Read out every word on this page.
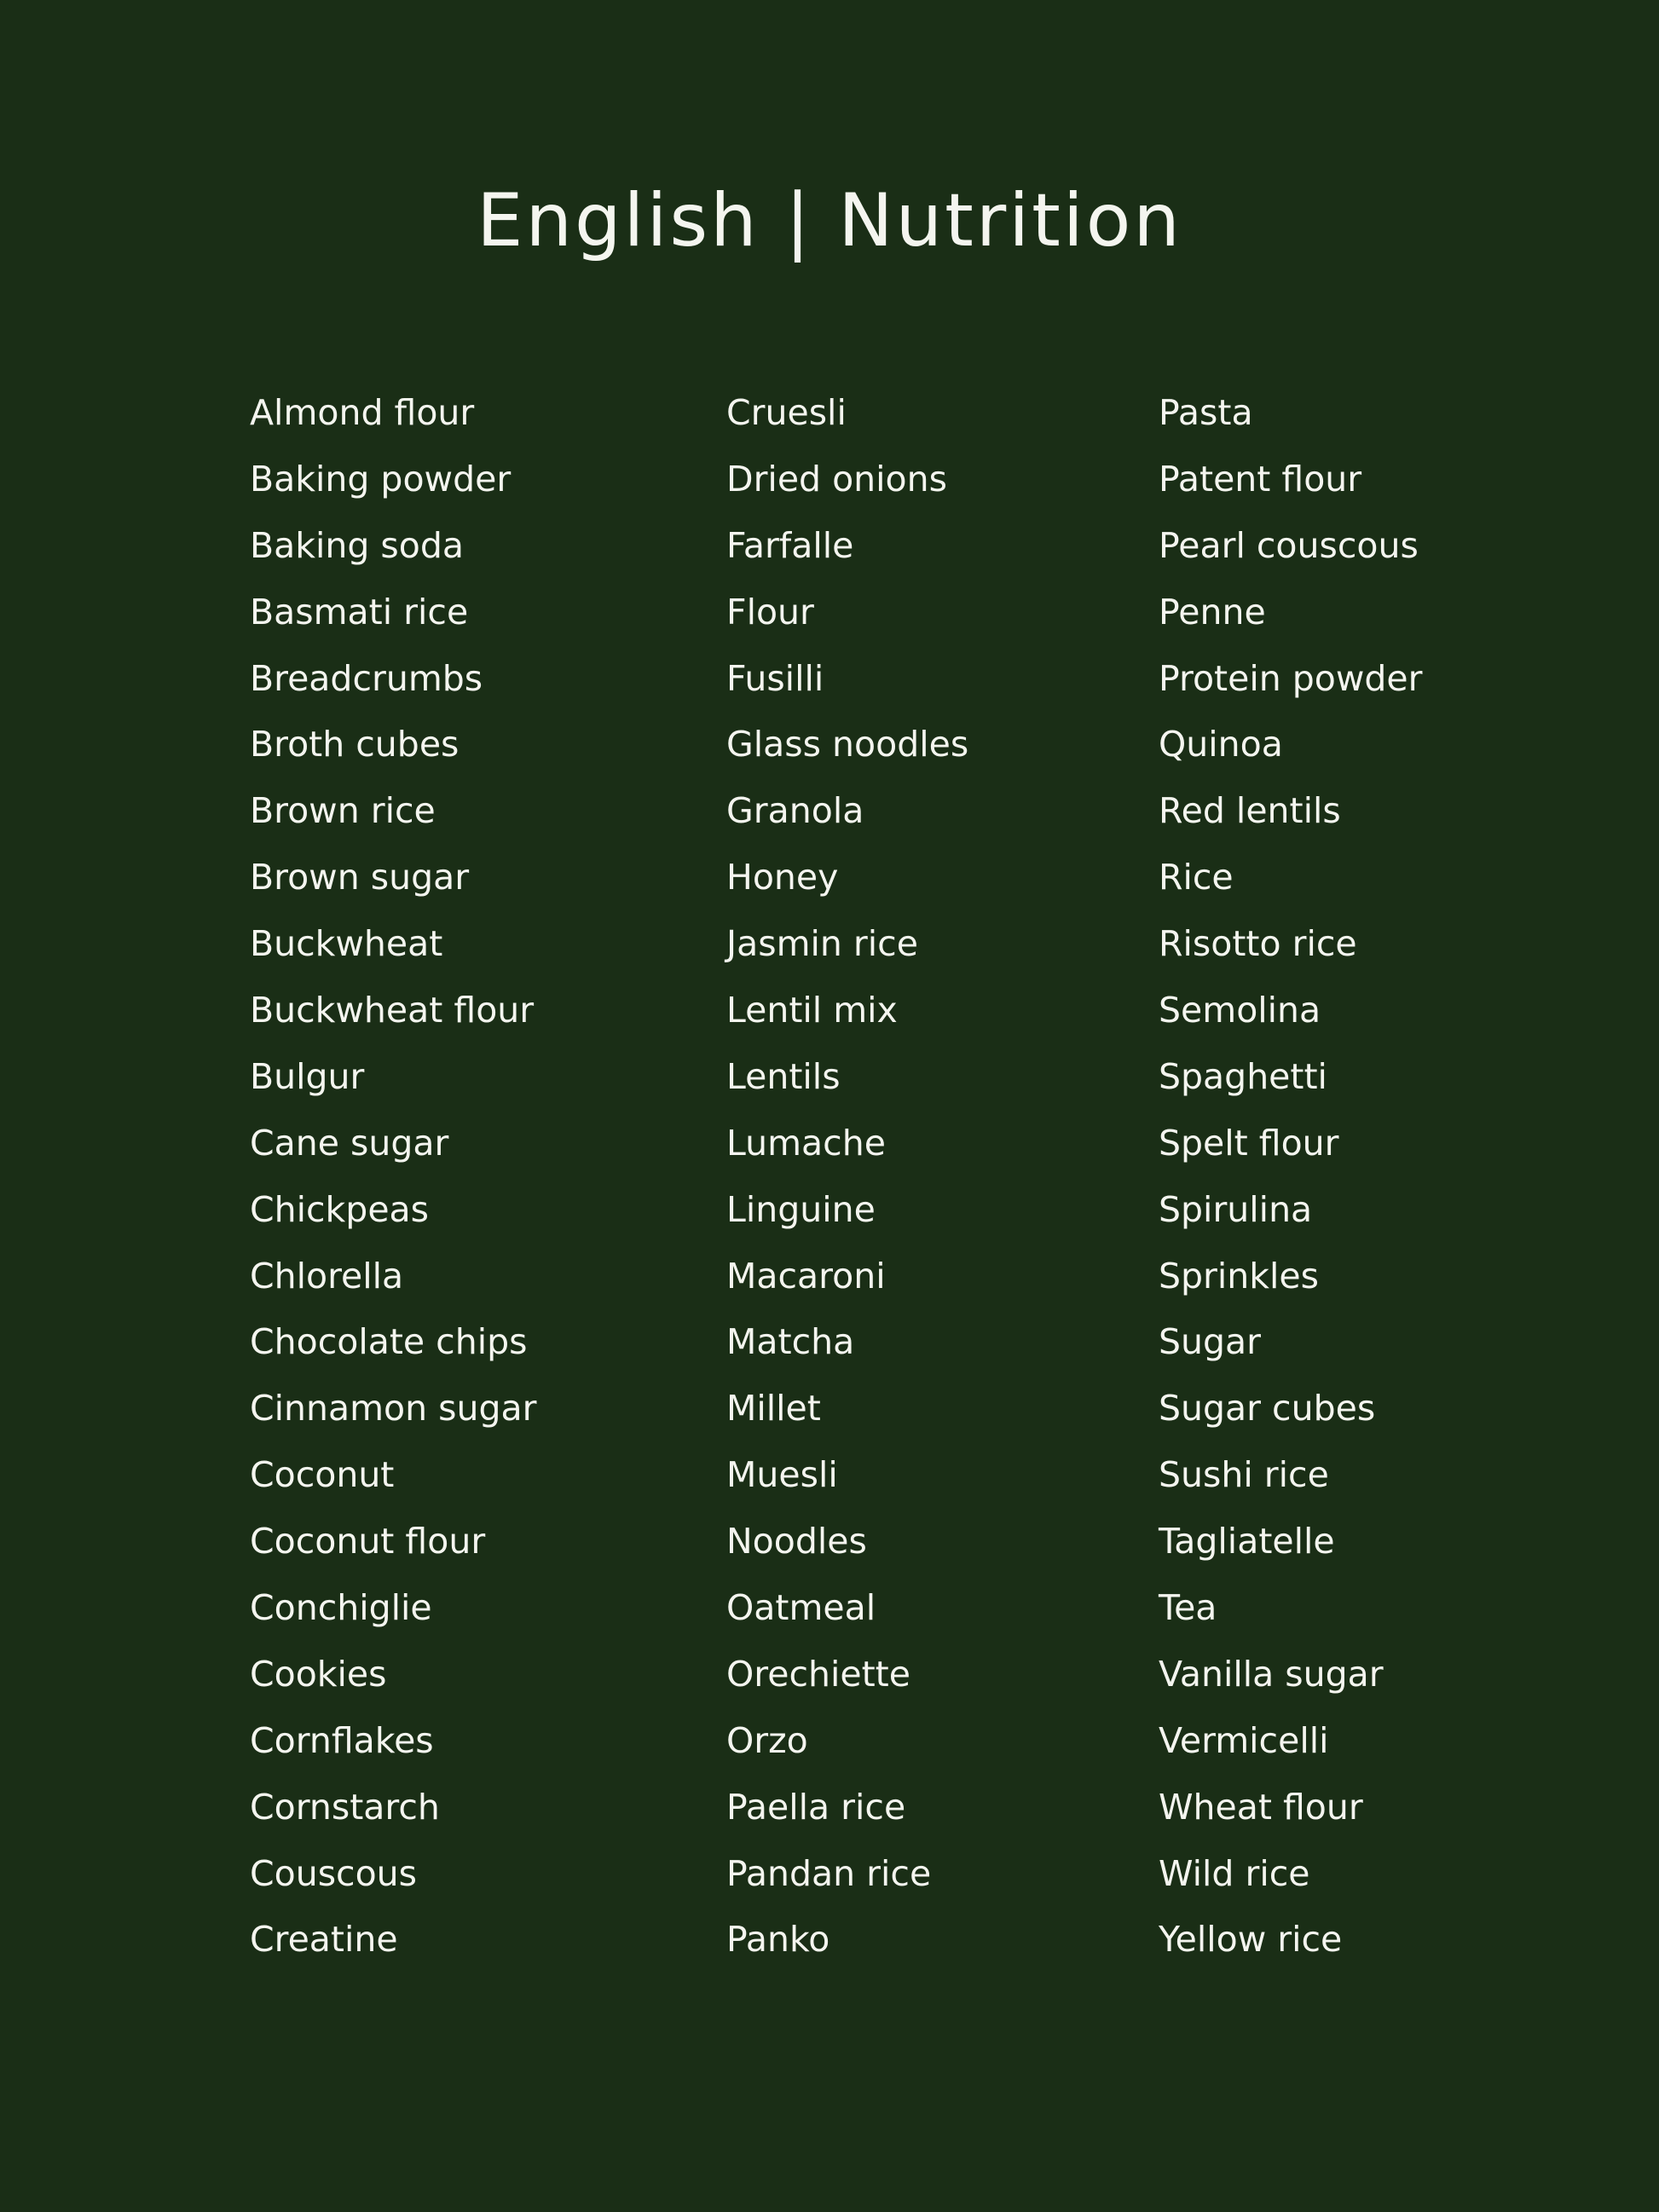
English | Nutrition
Almond flour
Baking powder
Baking soda
Basmati rice
Breadcrumbs
Broth cubes
Brown rice
Brown sugar
Buckwheat
Buckwheat flour
Bulgur
Cane sugar
Chickpeas
Chlorella
Chocolate chips
Cinnamon sugar
Coconut
Coconut flour
Conchiglie
Cookies
Cornflakes
Cornstarch
Couscous
Creatine
Cruesli
Dried onions
Farfalle
Flour
Fusilli
Glass noodles
Granola
Honey
Jasmin rice
Lentil mix
Lentils
Lumache
Linguine
Macaroni
Matcha
Millet
Muesli
Noodles
Oatmeal
Orechiette
Orzo
Paella rice
Pandan rice
Panko
Pasta
Patent flour
Pearl couscous
Penne
Protein powder
Quinoa
Red lentils
Rice
Risotto rice
Semolina
Spaghetti
Spelt flour
Spirulina
Sprinkles
Sugar
Sugar cubes
Sushi rice
Tagliatelle
Tea
Vanilla sugar
Vermicelli
Wheat flour
Wild rice
Yellow rice
